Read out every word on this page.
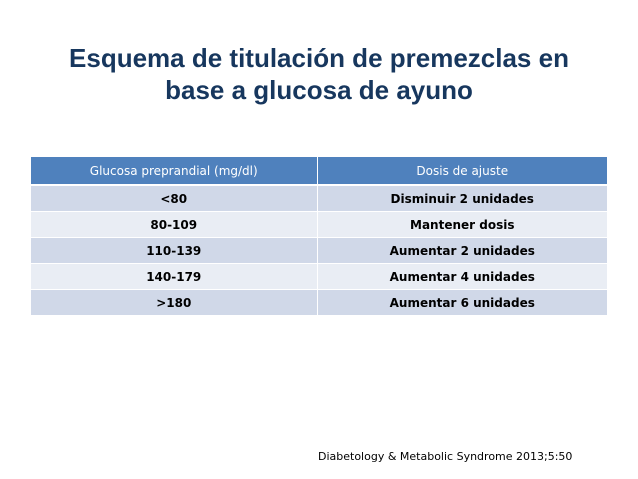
Esquema de titulación de premezclas en
base a glucosa de ayuno
Glucosa preprandial (mg/dl)	Dosis de ajuste
<80	Disminuir 2 unidades
80-109	Mantener dosis
110-139	Aumentar 2 unidades
140-179	Aumentar 4 unidades
>180	Aumentar 6 unidades
Diabetology & Metabolic Syndrome 2013;5:50
